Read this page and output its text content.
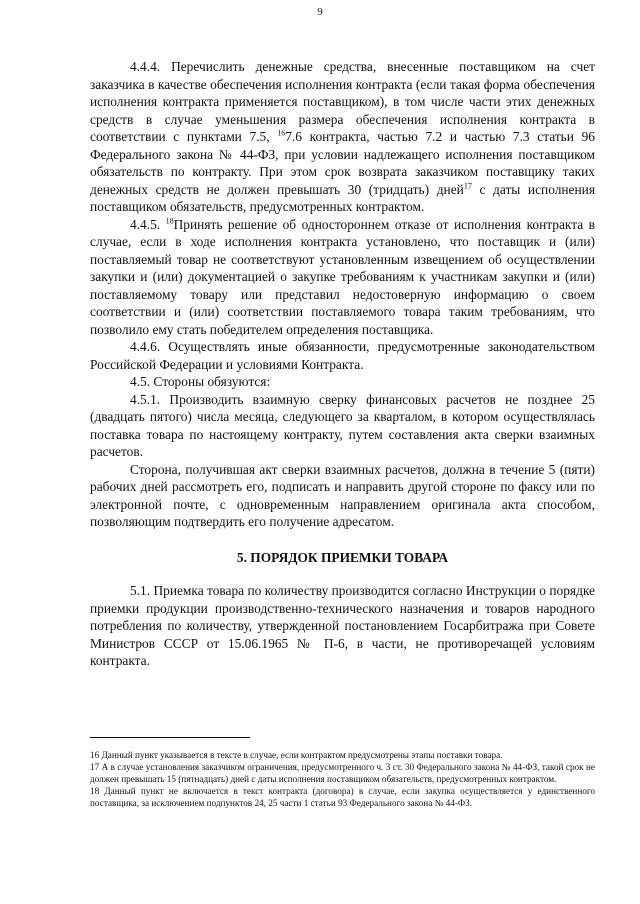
9

4.4.4. Перечислить денежные средства, внесенные поставщиком на счет заказчика в качестве обеспечения исполнения контракта (если такая форма обеспечения исполнения контракта применяется поставщиком), в том числе части этих денежных средств в случае уменьшения размера обеспечения исполнения контракта в соответствии с пунктами 7.5, $^{16}$7.6 контракта, частью 7.2 и частью 7.3 статьи 96 Федерального закона № 44-ФЗ, при условии надлежащего исполнения поставщиком обязательств по контракту. При этом срок возврата заказчиком поставщику таких денежных средств не должен превышать 30 (тридцать) дней$^{17}$ с даты исполнения поставщиком обязательств, предусмотренных контрактом.

4.4.5. $^{18}$Принять решение об одностороннем отказе от исполнения контракта в случае, если в ходе исполнения контракта установлено, что поставщик и (или) поставляемый товар не соответствуют установленным извещением об осуществлении закупки и (или) документацией о закупке требованиям к участникам закупки и (или) поставляемому товару или представил недостоверную информацию о своем соответствии и (или) соответствии поставляемого товара таким требованиям, что позволило ему стать победителем определения поставщика.

4.4.6. Осуществлять иные обязанности, предусмотренные законодательством Российской Федерации и условиями Контракта.

4.5. Стороны обязуются:

4.5.1. Производить взаимную сверку финансовых расчетов не позднее 25 (двадцать пятого) числа месяца, следующего за кварталом, в котором осуществлялась поставка товара по настоящему контракту, путем составления акта сверки взаимных расчетов.

Сторона, получившая акт сверки взаимных расчетов, должна в течение 5 (пяти) рабочих дней рассмотреть его, подписать и направить другой стороне по факсу или по электронной почте, с одновременным направлением оригинала акта способом, позволяющим подтвердить его получение адресатом.

5. ПОРЯДОК ПРИЕМКИ ТОВАРА

5.1. Приемка товара по количеству производится согласно Инструкции о порядке приемки продукции производственно-технического назначения и товаров народного потребления по количеству, утвержденной постановлением Госарбитража при Совете Министров СССР от 15.06.1965 № П-6, в части, не противоречащей условиям контракта.

16 Данный пункт указывается в тексте в случае, если контрактом предусмотрены этапы поставки товара.

17 А в случае установления заказчиком ограничения, предусмотренного ч. 3 ст. 30 Федерального закона № 44-ФЗ, такой срок не должен превышать 15 (пятнадцать) дней с даты исполнения поставщиком обязательств, предусмотренных контрактом.

18 Данный пункт не включается в текст контракта (договора) в случае, если закупка осуществляется у единственного поставщика, за исключением подпунктов 24, 25 части 1 статьи 93 Федерального закона № 44-ФЗ.
